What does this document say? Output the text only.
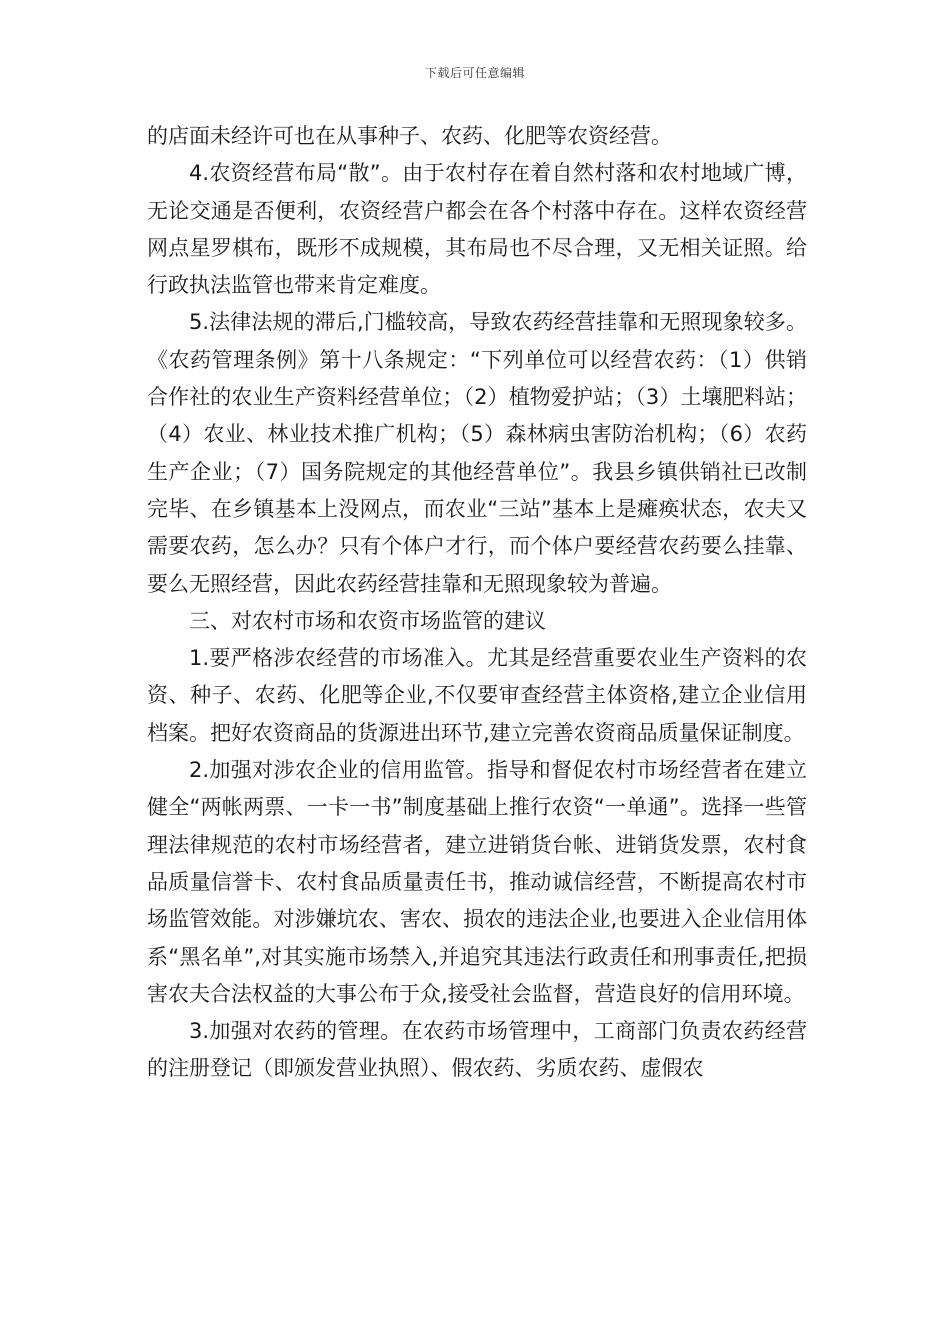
下载后可任意编辑

的店面未经许可也在从事种子、农药、化肥等农资经营。

4.农资经营布局“散”。由于农村存在着自然村落和农村地域广博，无论交通是否便利，农资经营户都会在各个村落中存在。这样农资经营网点星罗棋布，既形不成规模，其布局也不尽合理，又无相关证照。给行政执法监管也带来肯定难度。

5.法律法规的滞后,门槛较高，导致农药经营挂靠和无照现象较多。《农药管理条例》第十八条规定：“下列单位可以经营农药：（1）供销合作社的农业生产资料经营单位；（2）植物爱护站；（3）土壤肥料站；（4）农业、林业技术推广机构；（5）森林病虫害防治机构；（6）农药生产企业；（7）国务院规定的其他经营单位”。我县乡镇供销社已改制完毕、在乡镇基本上没网点，而农业“三站”基本上是瘫痪状态，农夫又需要农药，怎么办？只有个体户才行，而个体户要经营农药要么挂靠、要么无照经营，因此农药经营挂靠和无照现象较为普遍。

三、对农村市场和农资市场监管的建议

1.要严格涉农经营的市场准入。尤其是经营重要农业生产资料的农资、种子、农药、化肥等企业,不仅要审查经营主体资格,建立企业信用档案。把好农资商品的货源进出环节,建立完善农资商品质量保证制度。

2.加强对涉农企业的信用监管。指导和督促农村市场经营者在建立健全“两帐两票、一卡一书”制度基础上推行农资“一单通”。选择一些管理法律规范的农村市场经营者，建立进销货台帐、进销货发票，农村食品质量信誉卡、农村食品质量责任书，推动诚信经营，不断提高农村市场监管效能。对涉嫌坑农、害农、损农的违法企业,也要进入企业信用体系“黑名单”,对其实施市场禁入,并追究其违法行政责任和刑事责任,把损害农夫合法权益的大事公布于众,接受社会监督，营造良好的信用环境。

3.加强对农药的管理。在农药市场管理中，工商部门负责农药经营的注册登记（即颁发营业执照）、假农药、劣质农药、虚假农
